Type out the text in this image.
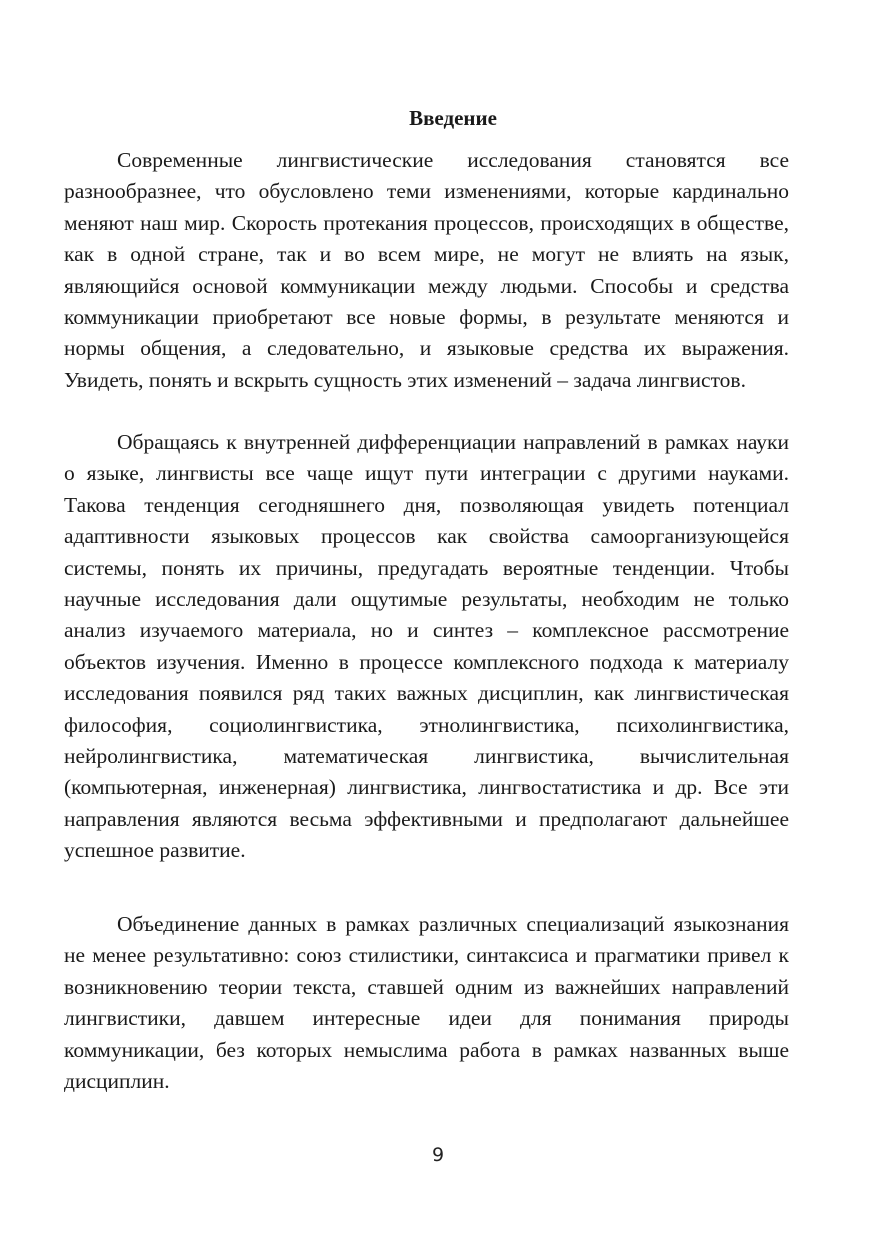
Введение

Современные лингвистические исследования становятся все разнообразнее, что обусловлено теми изменениями, которые кардинально меняют наш мир. Скорость протекания процессов, происходящих в обществе, как в одной стране, так и во всем мире, не могут не влиять на язык, являющийся основой коммуникации между людьми. Способы и средства коммуникации приобретают все новые формы, в результате меняются и нормы общения, а следовательно, и языковые средства их выражения. Увидеть, понять и вскрыть сущность этих изменений – задача лингвистов.

Обращаясь к внутренней дифференциации направлений в рамках науки о языке, лингвисты все чаще ищут пути интеграции с другими науками. Такова тенденция сегодняшнего дня, позволяющая увидеть потенциал адаптивности языковых процессов как свойства самоорганизующейся системы, понять их причины, предугадать вероятные тенденции. Чтобы научные исследования дали ощутимые результаты, необходим не только анализ изучаемого материала, но и синтез – комплексное рассмотрение объектов изучения. Именно в процессе комплексного подхода к материалу исследования появился ряд таких важных дисциплин, как лингвистическая философия, социолингвистика, этнолингвистика, психолингвистика, нейролингвистика, математическая лингвистика, вычислительная (компьютерная, инженерная) лингвистика, лингвостатистика и др. Все эти направления являются весьма эффективными и предполагают дальнейшее успешное развитие.

Объединение данных в рамках различных специализаций языкознания не менее результативно: союз стилистики, синтаксиса и прагматики привел к возникновению теории текста, ставшей одним из важнейших направлений лингвистики, давшем интересные идеи для понимания природы коммуникации, без которых немыслима работа в рамках названных выше дисциплин.

9
